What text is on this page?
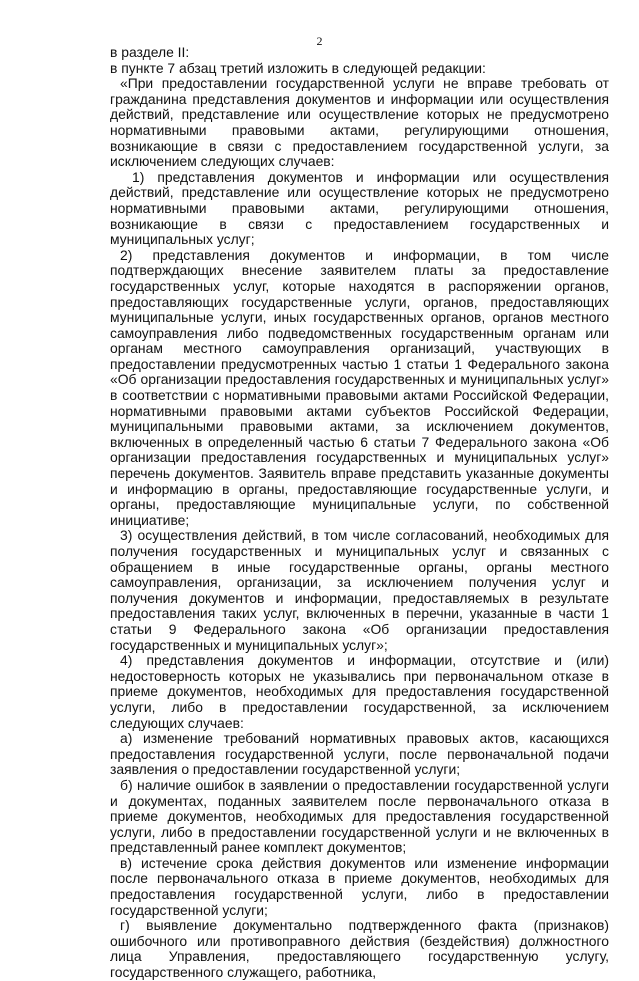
2

в разделе II:

в пункте 7 абзац третий изложить в следующей редакции:

«При предоставлении государственной услуги не вправе требовать от гражданина представления документов и информации или осуществления действий, представление или осуществление которых не предусмотрено нормативными правовыми актами, регулирующими отношения, возникающие в связи с предоставлением государственной услуги, за исключением следующих случаев:

1) представления документов и информации или осуществления действий, представление или осуществление которых не предусмотрено нормативными правовыми актами, регулирующими отношения, возникающие в связи с предоставлением государственных и муниципальных услуг;

2) представления документов и информации, в том числе подтверждающих внесение заявителем платы за предоставление государственных услуг, которые находятся в распоряжении органов, предоставляющих государственные услуги, органов, предоставляющих муниципальные услуги, иных государственных органов, органов местного самоуправления либо подведомственных государственным органам или органам местного самоуправления организаций, участвующих в предоставлении предусмотренных частью 1 статьи 1 Федерального закона «Об организации предоставления государственных и муниципальных услуг» в соответствии с нормативными правовыми актами Российской Федерации, нормативными правовыми актами субъектов Российской Федерации, муниципальными правовыми актами, за исключением документов, включенных в определенный частью 6 статьи 7 Федерального закона «Об организации предоставления государственных и муниципальных услуг» перечень документов. Заявитель вправе представить указанные документы и информацию в органы, предоставляющие государственные услуги, и органы, предоставляющие муниципальные услуги, по собственной инициативе;

3) осуществления действий, в том числе согласований, необходимых для получения государственных и муниципальных услуг и связанных с обращением в иные государственные органы, органы местного самоуправления, организации, за исключением получения услуг и получения документов и информации, предоставляемых в результате предоставления таких услуг, включенных в перечни, указанные в части 1 статьи 9 Федерального закона «Об организации предоставления государственных и муниципальных услуг»;

4) представления документов и информации, отсутствие и (или) недостоверность которых не указывались при первоначальном отказе в приеме документов, необходимых для предоставления государственной услуги, либо в предоставлении государственной, за исключением следующих случаев:

а) изменение требований нормативных правовых актов, касающихся предоставления государственной услуги, после первоначальной подачи заявления о предоставлении государственной услуги;

б) наличие ошибок в заявлении о предоставлении государственной услуги и документах, поданных заявителем после первоначального отказа в приеме документов, необходимых для предоставления государственной услуги, либо в предоставлении государственной услуги и не включенных в представленный ранее комплект документов;

в) истечение срока действия документов или изменение информации после первоначального отказа в приеме документов, необходимых для предоставления государственной услуги, либо в предоставлении государственной услуги;

г) выявление документально подтвержденного факта (признаков) ошибочного или противоправного действия (бездействия) должностного лица Управления, предоставляющего государственную услугу, государственного служащего, работника,
